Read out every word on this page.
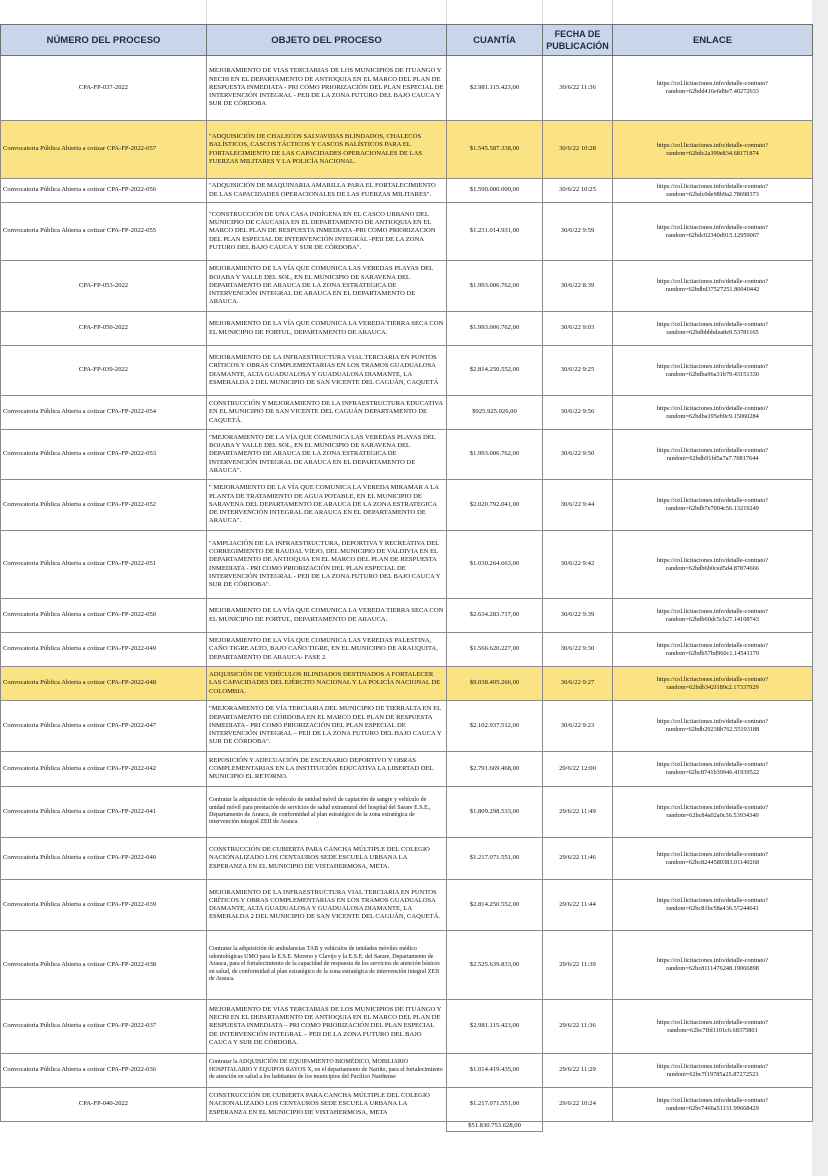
NÚMERO DEL PROCESO	OBJETO DEL PROCESO	CUANTÍA	FECHA DE PUBLICACIÓN	ENLACE
CPA-FP-037-2022	MEJORAMIENTO DE VIAS TERCIARIAS DE LOS MUNICIPIOS DE ITUANGO Y NECHI EN EL DEPARTAMENTO DE ANTIOQUIA EN EL MARCO DEL PLAN DE RESPUESTA INMEDIATA - PRI COMO PRIORIZACIÓN DEL PLAN ESPECIAL DE INTERVENCIÓN INTEGRAL - PEII DE LA ZONA FUTURO DEL BAJO CAUCA Y SUR DE CÓRDOBA	$2.981.115.423,00	30/6/22 11:36	https://col.licitaciones.info/detalle-contrato?
random=62bdd416e6d9e7.40272633

Convocatoria Pública Abierta a cotizar CPA-FP-2022-057	"ADQUISICIÓN DE CHALECOS SALVAVIDAS BLINDADOS, CHALECOS BALÍSTICOS, CASCOS TÁCTICOS Y CASCOS BALÍSTICOS PARA EL FORTALECIMIENTO DE LAS CAPACIDADES OPERACIONALES DE LAS FUERZAS MILITARES Y LA POLICÍA NACIONAL.	$1.545.587.338,00	30/6/22 10:28	https://col.licitaciones.info/detalle-contrato?
random=62bdc2a399e834.68171874

Convocatoria Pública Abierta a cotizar CPA-FP-2022-056	"ADQUISICIÓN DE MAQUINARIA AMARILLA PARA EL FORTALECIMIENTO DE LAS CAPACIDADES OPERACIONALES DE LAS FUERZAS MILITARES".	$1.590.000.000,00	30/6/22 10:25	https://col.licitaciones.info/detalle-contrato?
random=62bdc0de98b9a2.78698373

Convocatoria Pública Abierta a cotizar CPA-FP-2022-055	"CONSTRUCCIÓN DE UNA CASA INDÍGENA EN EL CASCO URBANO DEL MUNICIPIO DE CAUCASIA EN EL DEPARTAMENTO DE ANTIOQUIA EN EL MARCO DEL PLAN DE RESPUESTA INMEDIATA -PRI COMO PRIORIZACION DEL PLAN ESPECIAL DE INTERVENCIÓN INTEGRAL -PEII DE LA ZONA FUTURO DEL BAJO CAUCA Y SUR DE CÓRDOBA".	$1.231.014.931,00	30/6/22 9:59	https://col.licitaciones.info/detalle-contrato?
random=62bdc02340d915.12959067

CPA-FP-053-2022	MEJORAMIENTO DE LA VÍA QUE COMUNICA LAS VEREDAS PLAYAS DEL BOJABA Y VALLE DEL SOL, EN EL MUNICIPIO DE SARAVENA DEL DEPARTAMENTO DE ARAUCA DE LA ZONA ESTRATEGICA DE INTERVENCIÓN INTEGRAL DE ARAUCA EN EL DEPARTAMENTO DE ARAUCA.	$1.993.006.762,00	30/6/22 8:39	https://col.licitaciones.info/detalle-contrato?
random=62bdbd37527251.80040442

CPA-FP-050-2022	MEJORAMIENTO DE LA VÍA QUE COMUNICA LA VEREDA TIERRA SECA CON EL MUNICIPIO DE FORTUL, DEPARTAMENTO DE ARAUCA.	$1.993.006.762,00	30/6/22 9:03	https://col.licitaciones.info/detalle-contrato?
random=62bdbbbbdea8e9.53781165

CPA-FP-039-2022	MEJORAMIENTO DE LA INFRAESTRUCTURA VIAL TERCIARIA EN PUNTOS CRÍTICOS Y OBRAS COMPLEMENTARIAS EN LOS TRAMOS GUADUALOSA DIAMANTE, ALTA GUADUALOSA Y GUADUALOSA DIAMANTE, LA ESMERALDA 2 DEL MUNICIPIO DE SAN VICENTE DEL CAGUÁN, CAQUETÁ	$2.814.250.552,00	30/6/22 9:25	https://col.licitaciones.info/detalle-contrato?
random=62bdba96a31b79.43151330

Convocatoria Pública Abierta a cotizar CPA-FP-2022-054	CONSTRUCCIÓN Y MEJORAMIENTO DE LA INFRAESTRUCTURA EDUCATIVA EN EL MUNICIPIO DE SAN VICENTE DEL CAGUÁN DEPARTAMENTO DE CAQUETÁ.	$925.925.926,00	30/6/22 9:56	https://col.licitaciones.info/detalle-contrato?
random=62bdba195eb9c9.15060284

Convocatoria Pública Abierta a cotizar CPA-FP-2022-053	"MEJORAMIENTO DE LA VÍA QUE COMUNICA LAS VEREDAS PLAYAS DEL BOJABA Y VALLE DEL SOL, EN EL MUNICIPIO DE SARAVENA DEL DEPARTAMENTO DE ARAUCA DE LA ZONA ESTRATEGICA DE INTERVENCIÓN INTEGRAL DE ARAUCA EN EL DEPARTAMENTO DE ARAUCA".	$1.993.006.762,00	30/6/22 9:50	https://col.licitaciones.info/detalle-contrato?
random=62bdb91fd5a7a7.70817644

Convocatoria Pública Abierta a cotizar CPA-FP-2022-052	" MEJORAMIENTO DE LA VÍA QUE COMUNICA LA VEREDA MIRAMAR A LA PLANTA DE TRATAMIENTO DE AGUA POTABLE, EN EL MUNICIPIO DE SARAVENA DEL DEPARTAMENTO DE ARAUCA DE LA ZONA ESTRATEGICA DE INTERVENCIÓN INTEGRAL DE ARAUCA EN EL DEPARTAMENTO DE ARAUCA".	$2.020.792.041,00	30/6/22 9:44	https://col.licitaciones.info/detalle-contrato?
random=62bdb7e7004c56.13219249

Convocatoria Pública Abierta a cotizar CPA-FP-2022-051	"AMPLIACIÓN DE LA INFRAESTRUCTURA, DEPORTIVA Y RECREATIVA DEL CORREGIMIENTO DE RAUDAL VIEJO, DEL MUNICIPIO DE VALDIVIA EN EL DEPARTAMENTO DE ANTIOQUIA EN EL MARCO DEL PLAN DE RESPUESTA INMEDIATA - PRI COMO PRIORIZACIÓN DEL PLAN ESPECIAL DE INTERVENCIÓN INTEGRAL - PEII DE LA ZONA FUTURO DEL BAJO CAUCA Y SUR DE CÓRDOBA".	$1.030.264.663,00	30/6/22 9:42	https://col.licitaciones.info/detalle-contrato?
random=62bdb6b0ced5d4.87874666

Convocatoria Pública Abierta a cotizar CPA-FP-2022-050	MEJORAMIENTO DE LA VÍA QUE COMUNICA LA VEREDA TIERRA SECA CON EL MUNICIPIO DE FORTUL, DEPARTAMENTO DE ARAUCA.	$2.634.283.717,00	30/6/22 9:39	https://col.licitaciones.info/detalle-contrato?
random=62bdb60dc5cb27.14108743

Convocatoria Pública Abierta a cotizar CPA-FP-2022-049	MEJORAMIENTO DE LA VÍA QUE COMUNICA LAS VEREDAS PALESTINA, CAÑO TIGRE ALTO, BAJO CAÑO TIGRE, EN EL MUNICIPIO DE ARAUQUITA, DEPARTAMENTO DE ARAUCA- FASE 2.	$1.566.620.227,00	30/6/22 9:30	https://col.licitaciones.info/detalle-contrato?
random=62bdb57bd960c1.14541170

Convocatoria Pública Abierta a cotizar CPA-FP-2022-048	ADQUISICIÓN DE VEHÍCULOS BLINDADOS DESTINADOS A FORTALECER LAS CAPACIDADES DEL EJÉRCITO NACIONAL Y LA POLICÍA NACIONAL DE COLOMBIA.	$9.038.405.266,00	30/6/22 9:27	https://col.licitaciones.info/detalle-contrato?
random=62bdb342f189c2.17337929

Convocatoria Pública Abierta a cotizar CPA-FP-2022-047	"MEJORAMIENTO DE VÍA TERCIARIA DEL MUNICIPIO DE TIERRALTA EN EL DEPARTAMENTO DE CÓRDOBA EN EL MARCO DEL PLAN DE RESPUESTA INMEDIATA - PRI COMO PRIORIZACIÓN DEL PLAN ESPECIAL DE INTERVENCIÓN INTEGRAL – PEII DE LA ZONA FUTURO DEL BAJO CAUCA Y SUR DE CÓRDOBA".	$2.102.937.512,00	30/6/22 9:23	https://col.licitaciones.info/detalle-contrato?
random=62bdb29238b762.55193188

Convocatoria Pública Abierta a cotizar CPA-FP-2022-042	REPOSICIÓN Y ADECUACIÓN DE ESCENARIO DEPORTIVO Y OBRAS COMPLEMENTARIAS EN LA INSTITUCIÓN EDUCATIVA LA LIBERTAD DEL MUNICIPIO EL RETORNO.	$2.791.669.468,00	29/6/22 12:00	https://col.licitaciones.info/detalle-contrato?
random=62bc8741b39946.41939522

Convocatoria Pública Abierta a cotizar CPA-FP-2022-041	Contratar la adquisición de vehículo de unidad móvil de captación de sangre y vehículo de unidad móvil para prestación de servicios de salud extramural del hospital del Sarare E.S.E., Departamento de Arauca, de conformidad al plan estratégico de la zona estratégica de intervención integral ZEII de Arauca.	$1.809.298.533,00	29/6/22 11:49	https://col.licitaciones.info/detalle-contrato?
random=62bc84a02a0c36.53934340

Convocatoria Pública Abierta a cotizar CPA-FP-2022-040	CONSTRUCCIÓN DE CUBIERTA PARA CANCHA MÚLTIPLE DEL COLEGIO NACIONALIZADO LOS CENTAUROS SEDE ESCUELA URBANA LA ESPERANZA EN EL MUNICIPIO DE VISTAHERMOSA, META.	$1.217.071.551,00	29/6/22 11:46	https://col.licitaciones.info/detalle-contrato?
random=62bc8244580383.01140268

Convocatoria Pública Abierta a cotizar CPA-FP-2022-039	MEJORAMIENTO DE LA INFRAESTRUCTURA VIAL TERCIARIA EN PUNTOS CRÍTICOS Y OBRAS COMPLEMENTARIAS EN LOS TRAMOS GUADUALOSA DIAMANTE, ALTA GUADUALOSA Y GUADUALOSA DIAMANTE, LA ESMERALDA 2 DEL MUNICIPIO DE SAN VICENTE DEL CAGUÁN, CAQUETÁ.	$2.814.250.552,00	29/6/22 11:44	https://col.licitaciones.info/detalle-contrato?
random=62bc81bc58a436.57244641

Convocatoria Pública Abierta a cotizar CPA-FP-2022-038	Contratar la adquisición de ambulancias TAB y vehículos de unidades móviles médico odontológicas UMO para la E.S.E. Moreno y Clavijo y la E.S.E. del Sarare, Departamento de Arauca, para el fortalecimiento de la capacidad de respuesta de los servicios de atención básicos en salud, de conformidad al plan estratégico de la zona estratégica de intervención integral ZEII de Arauca.	$2.525.639.833,00	29/6/22 11:39	https://col.licitaciones.info/detalle-contrato?
random=62bc8111476248.19066898

Convocatoria Pública Abierta a cotizar CPA-FP-2022-037	MEJORAMIENTO DE VIAS TERCIARIAS DE LOS MUNICIPIOS DE ITUANGO Y NECHI EN EL DEPARTAMENTO DE ANTIOQUIA EN EL MARCO DEL PLAN DE RESPUESTA INMEDIATA – PRI COMO PRIORIZACIÓN DEL PLAN ESPECIAL DE INTERVENCIÓN INTEGRAL – PEII DE LA ZONA FUTURO DEL BAJO CAUCA Y SUR DE CÓRDOBA.	$2.981.115.423,00	29/6/22 11:36	https://col.licitaciones.info/detalle-contrato?
random=62bc7ffd1101c6.68375801

Convocatoria Pública Abierta a cotizar CPA-FP-2022-036	Contratar la ADQUISICIÓN DE EQUIPAMIENTO BIOMÉDICO, MOBILIARIO HOSPITALARIO Y EQUIPOS RAYOS X, en el departamento de Nariño, para el fortalecimiento de atención en salud a los habitantes de los municipios del Pacífico Nariñense	$1.014.419.435,00	29/6/22 11:29	https://col.licitaciones.info/detalle-contrato?
random=62bc7f19785a25.87272523

CPA-FP-040-2022	CONSTRUCCIÓN DE CUBIERTA PARA CANCHA MÚLTIPLE DEL COLEGIO NACIONALIZADO LOS CENTAUROS SEDE ESCUELA URBANA LA ESPERANZA EN EL MUNICIPIO DE VISTAHERMOSA, META	$1.217.071.551,00	29/6/22 10:24	https://col.licitaciones.info/detalle-contrato?
random=62bc7466a51131.99668429

		$51.830.753.628,00		
